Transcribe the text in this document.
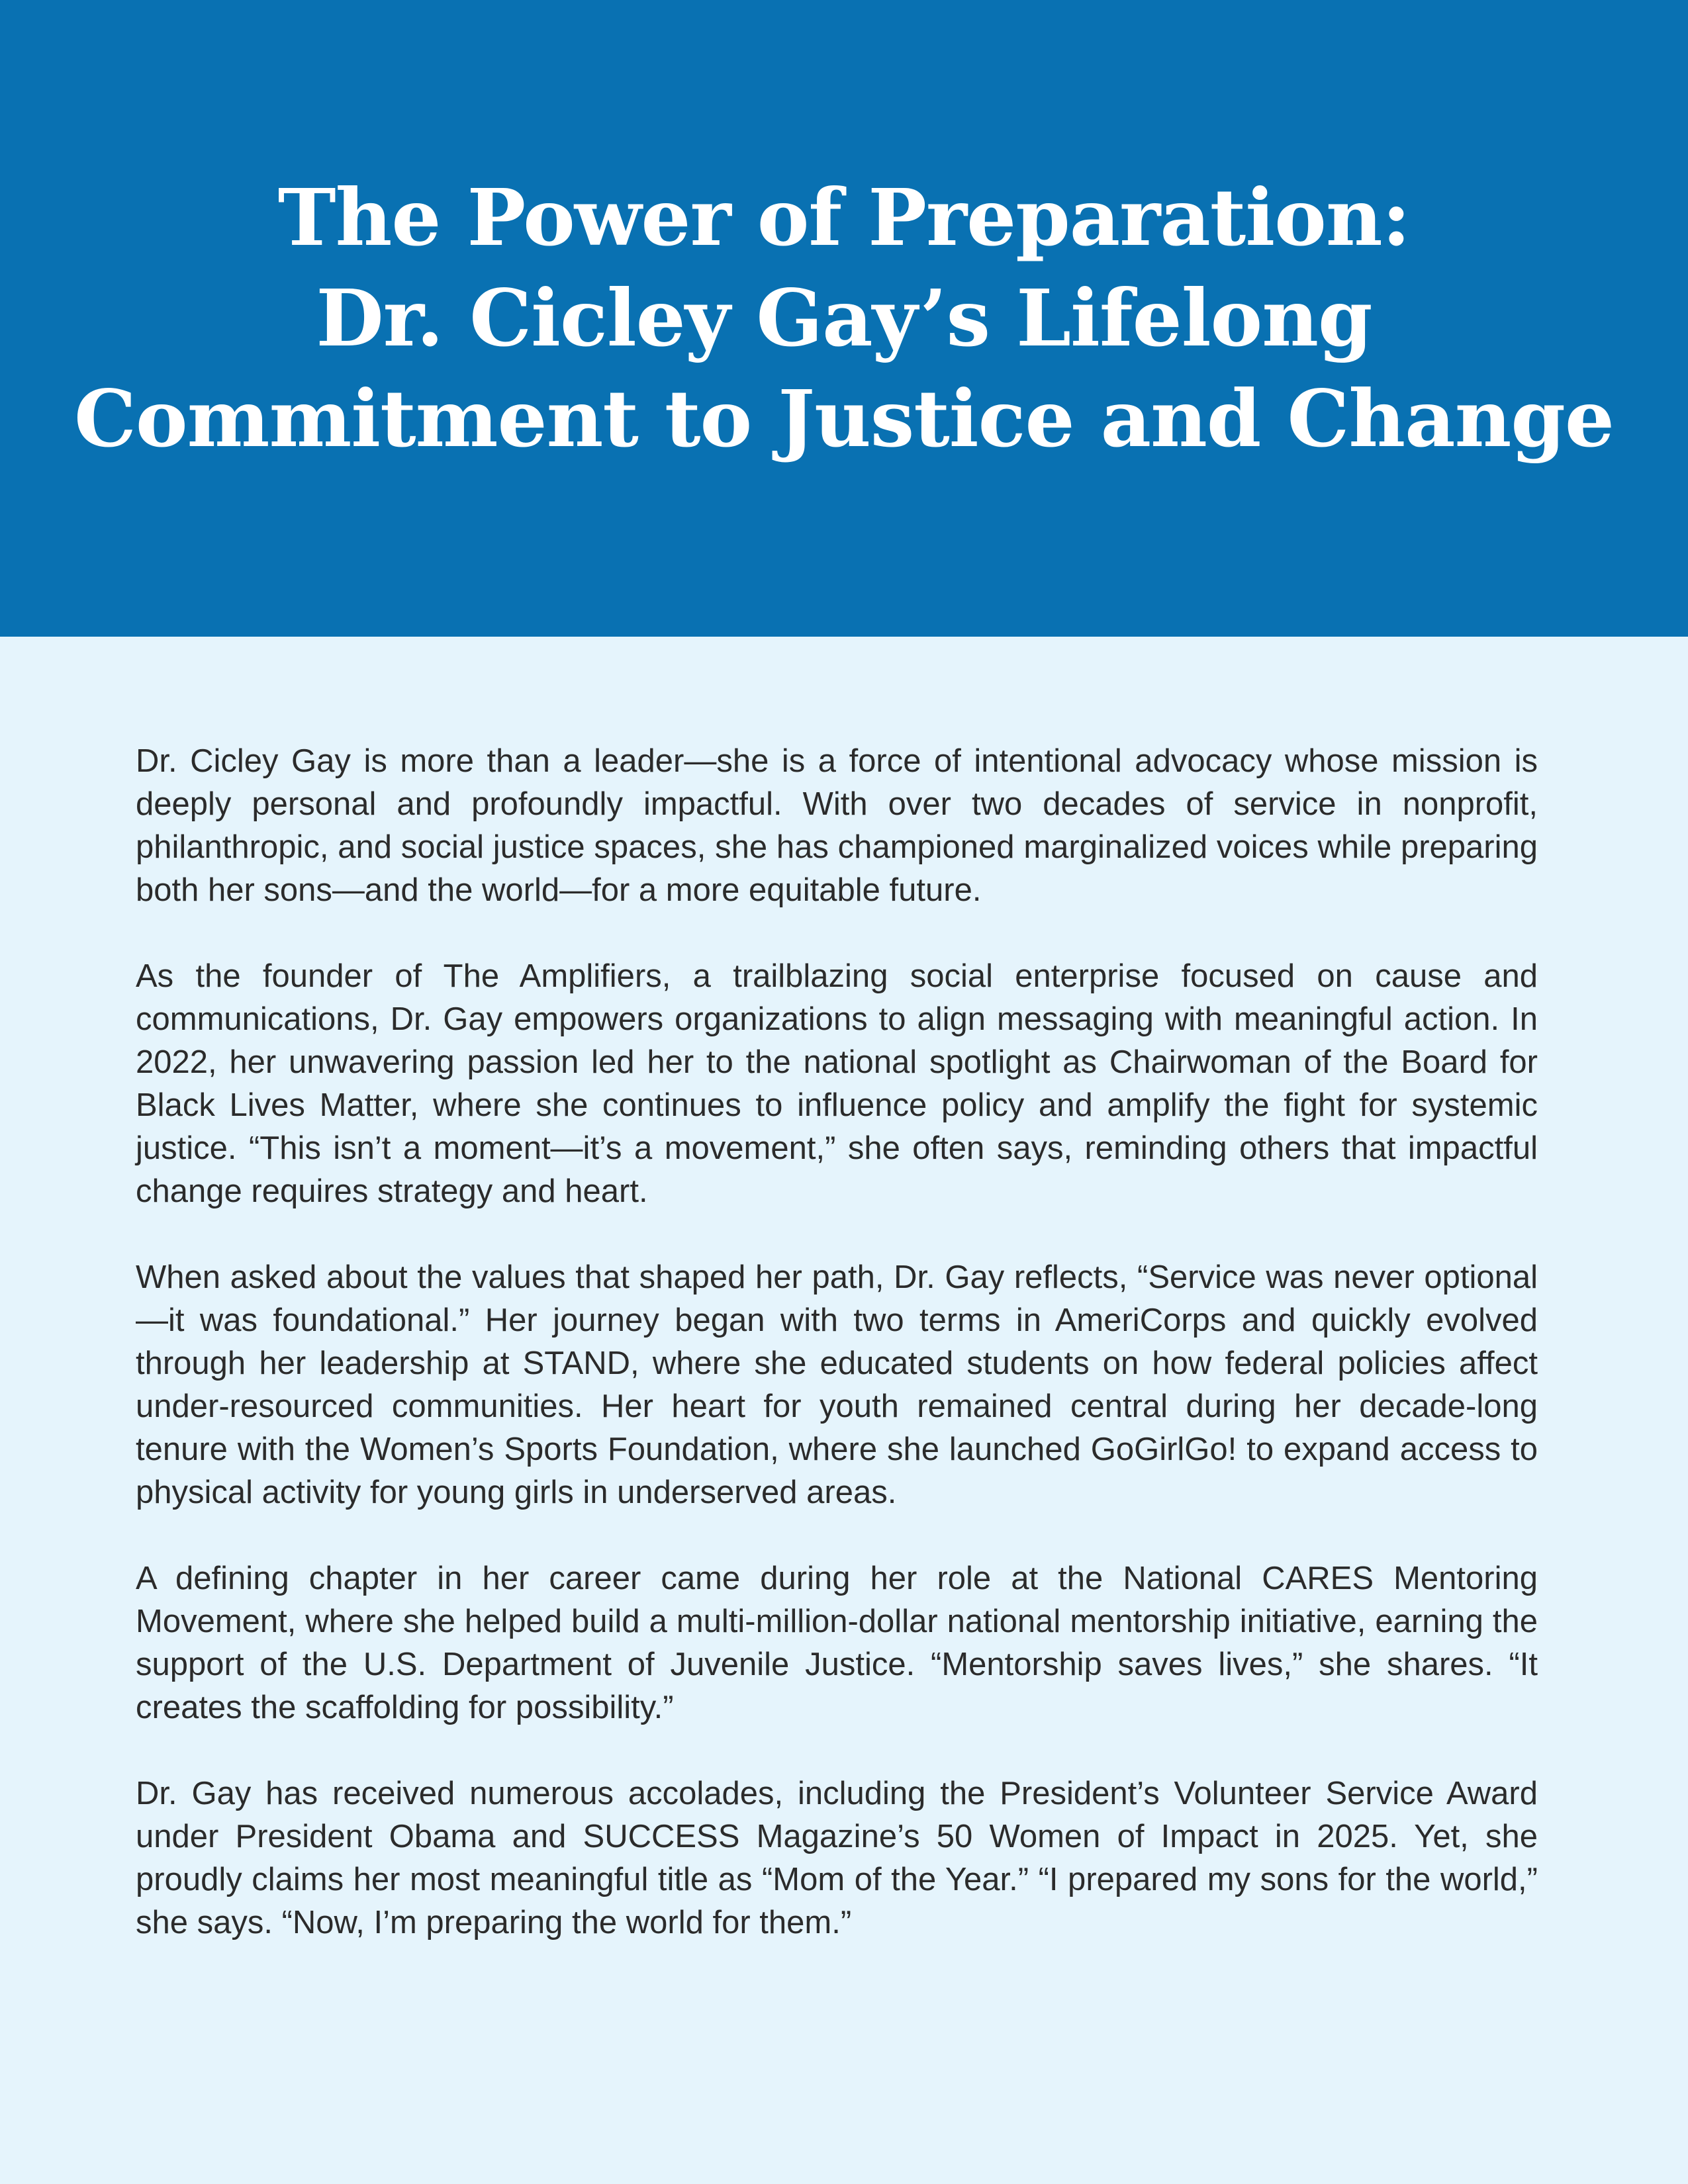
The Power of Preparation:
Dr. Cicley Gay’s Lifelong
Commitment to Justice and Change

Dr. Cicley Gay is more than a leader—she is a force of intentional advocacy whose mission is deeply personal and profoundly impactful. With over two decades of service in nonprofit, philanthropic, and social justice spaces, she has championed marginalized voices while preparing both her sons—and the world—for a more equitable future.

As the founder of The Amplifiers, a trailblazing social enterprise focused on cause and communications, Dr. Gay empowers organizations to align messaging with meaningful action. In 2022, her unwavering passion led her to the national spotlight as Chairwoman of the Board for Black Lives Matter, where she continues to influence policy and amplify the fight for systemic justice. “This isn’t a moment—it’s a movement,” she often says, reminding others that impactful change requires strategy and heart.

When asked about the values that shaped her path, Dr. Gay reflects, “Service was never optional—it was foundational.” Her journey began with two terms in AmeriCorps and quickly evolved through her leadership at STAND, where she educated students on how federal policies affect under-resourced communities. Her heart for youth remained central during her decade-long tenure with the Women’s Sports Foundation, where she launched GoGirlGo! to expand access to physical activity for young girls in underserved areas.

A defining chapter in her career came during her role at the National CARES Mentoring Movement, where she helped build a multi-million-dollar national mentorship initiative, earning the support of the U.S. Department of Juvenile Justice. “Mentorship saves lives,” she shares. “It creates the scaffolding for possibility.”

Dr. Gay has received numerous accolades, including the President’s Volunteer Service Award under President Obama and SUCCESS Magazine’s 50 Women of Impact in 2025. Yet, she proudly claims her most meaningful title as “Mom of the Year.” “I prepared my sons for the world,” she says. “Now, I’m preparing the world for them.”
